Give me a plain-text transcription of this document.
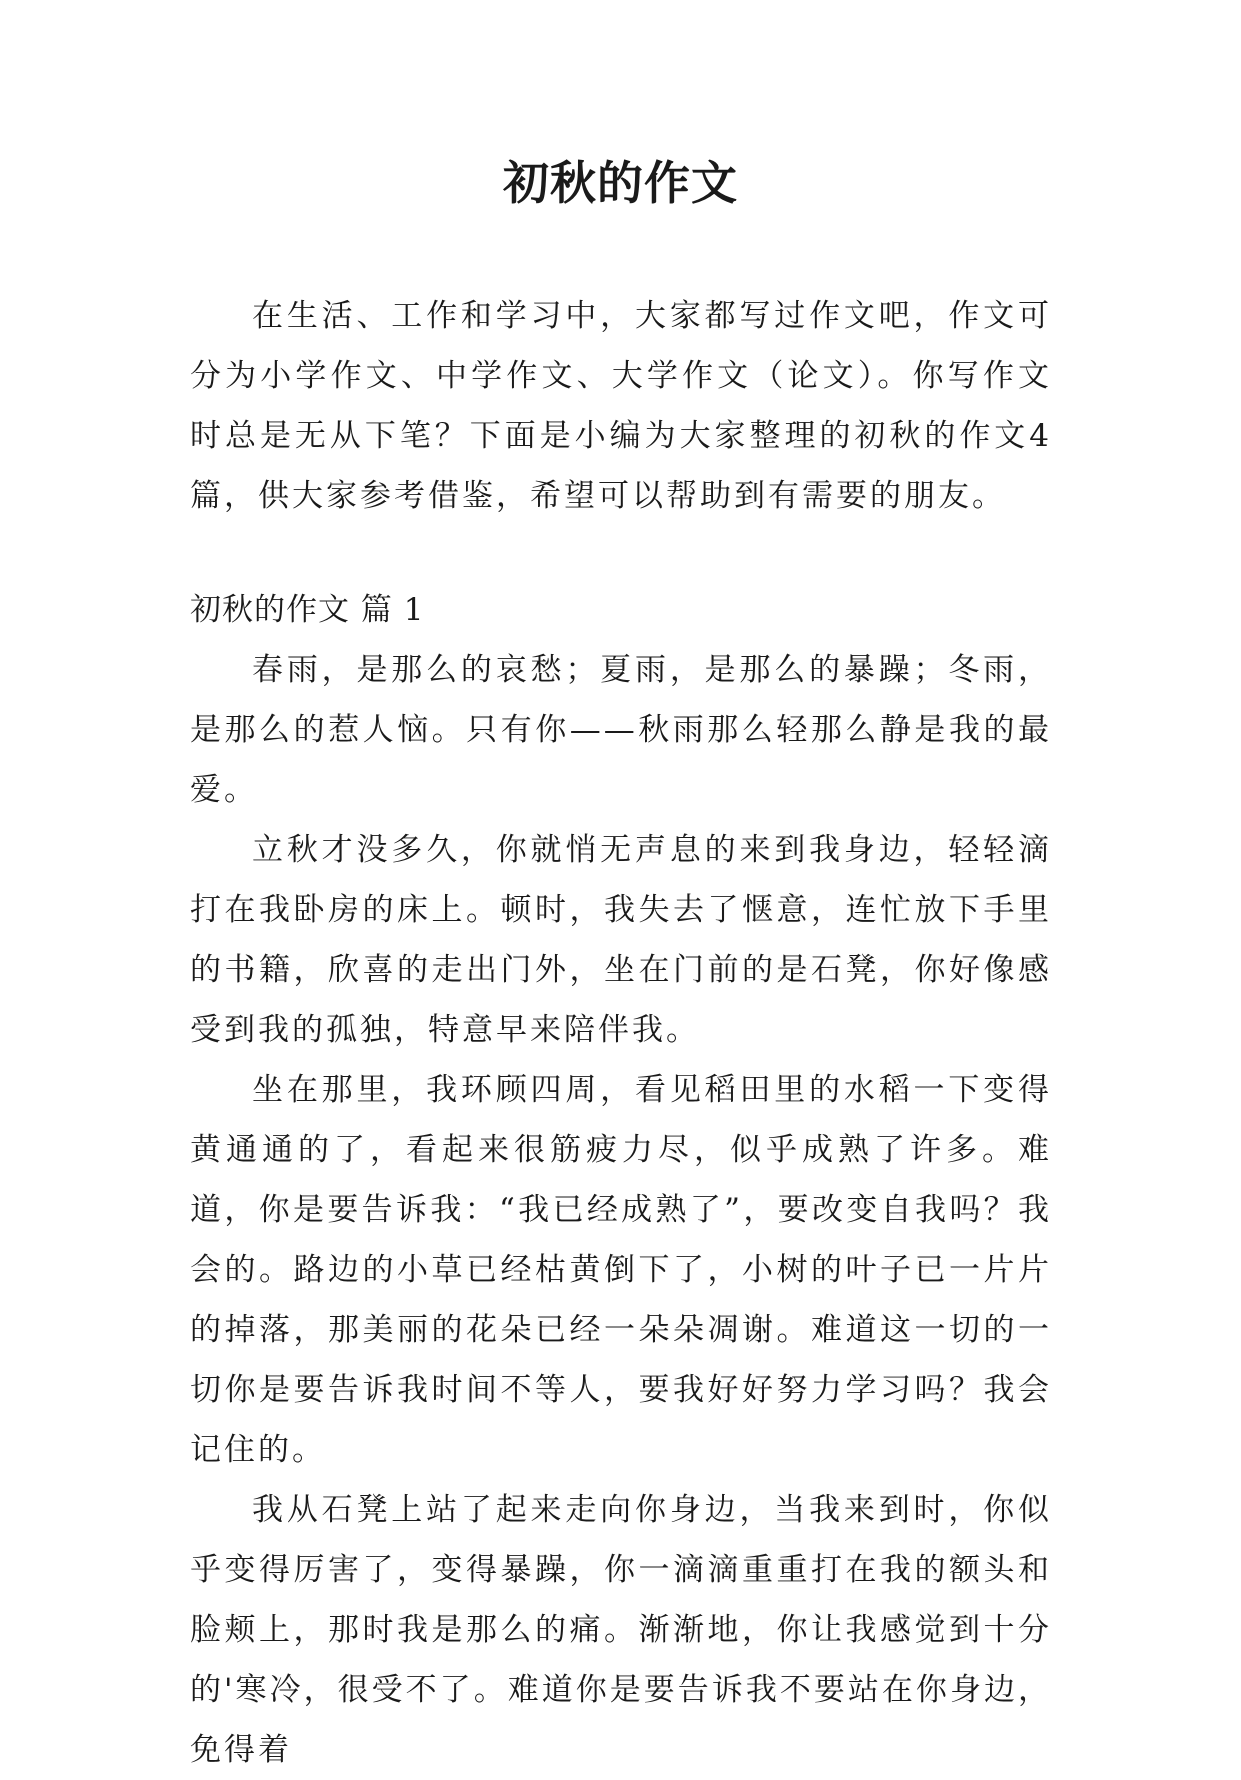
初秋的作文

在生活、工作和学习中，大家都写过作文吧，作文可分为小学作文、中学作文、大学作文（论文）。你写作文时总是无从下笔？下面是小编为大家整理的初秋的作文4篇，供大家参考借鉴，希望可以帮助到有需要的朋友。

初秋的作文 篇 1

春雨，是那么的哀愁；夏雨，是那么的暴躁；冬雨，是那么的惹人恼。只有你——秋雨那么轻那么静是我的最爱。

立秋才没多久，你就悄无声息的来到我身边，轻轻滴打在我卧房的床上。顿时，我失去了惬意，连忙放下手里的书籍，欣喜的走出门外，坐在门前的是石凳，你好像感受到我的孤独，特意早来陪伴我。

坐在那里，我环顾四周，看见稻田里的水稻一下变得黄通通的了，看起来很筋疲力尽，似乎成熟了许多。难道，你是要告诉我：“我已经成熟了”，要改变自我吗？我会的。路边的小草已经枯黄倒下了，小树的叶子已一片片的掉落，那美丽的花朵已经一朵朵凋谢。难道这一切的一切你是要告诉我时间不等人，要我好好努力学习吗？我会记住的。

我从石凳上站了起来走向你身边，当我来到时，你似乎变得厉害了，变得暴躁，你一滴滴重重打在我的额头和脸颊上，那时我是那么的痛。渐渐地，你让我感觉到十分的'寒冷，很受不了。难道你是要告诉我不要站在你身边，免得着
